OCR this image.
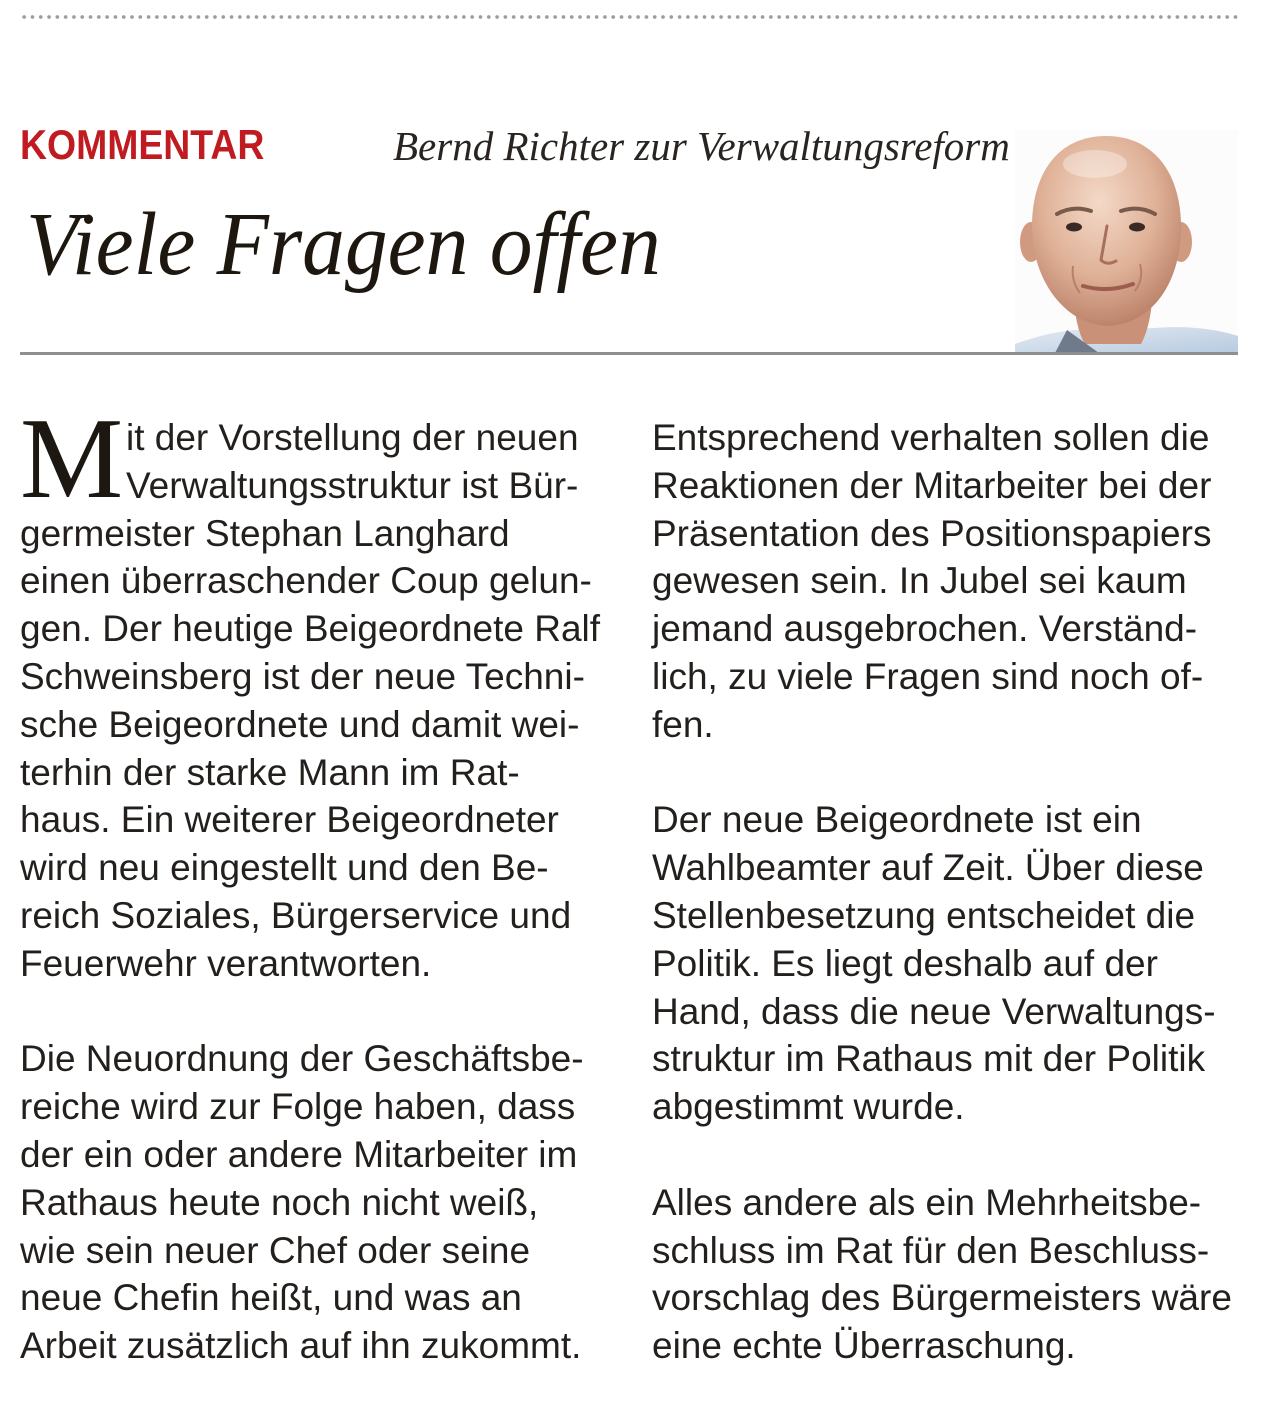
KOMMENTAR	Bernd Richter zur Verwaltungsreform
Viele Fragen offen
M it der Vorstellung der neuen
Verwaltungsstruktur ist Bür-
germeister Stephan Langhard
einen überraschender Coup gelun-
gen. Der heutige Beigeordnete Ralf
Schweinsberg ist der neue Techni-
sche Beigeordnete und damit wei-
terhin der starke Mann im Rat-
haus. Ein weiterer Beigeordneter
wird neu eingestellt und den Be-
reich Soziales, Bürgerservice und
Feuerwehr verantworten.
Die Neuordnung der Geschäftsbe-
reiche wird zur Folge haben, dass
der ein oder andere Mitarbeiter im
Rathaus heute noch nicht weiß,
wie sein neuer Chef oder seine
neue Chefin heißt, und was an
Arbeit zusätzlich auf ihn zukommt.
Entsprechend verhalten sollen die
Reaktionen der Mitarbeiter bei der
Präsentation des Positionspapiers
gewesen sein. In Jubel sei kaum
jemand ausgebrochen. Verständ-
lich, zu viele Fragen sind noch of-
fen.
Der neue Beigeordnete ist ein
Wahlbeamter auf Zeit. Über diese
Stellenbesetzung entscheidet die
Politik. Es liegt deshalb auf der
Hand, dass die neue Verwaltungs-
struktur im Rathaus mit der Politik
abgestimmt wurde.
Alles andere als ein Mehrheitsbe-
schluss im Rat für den Beschluss-
vorschlag des Bürgermeisters wäre
eine echte Überraschung.
